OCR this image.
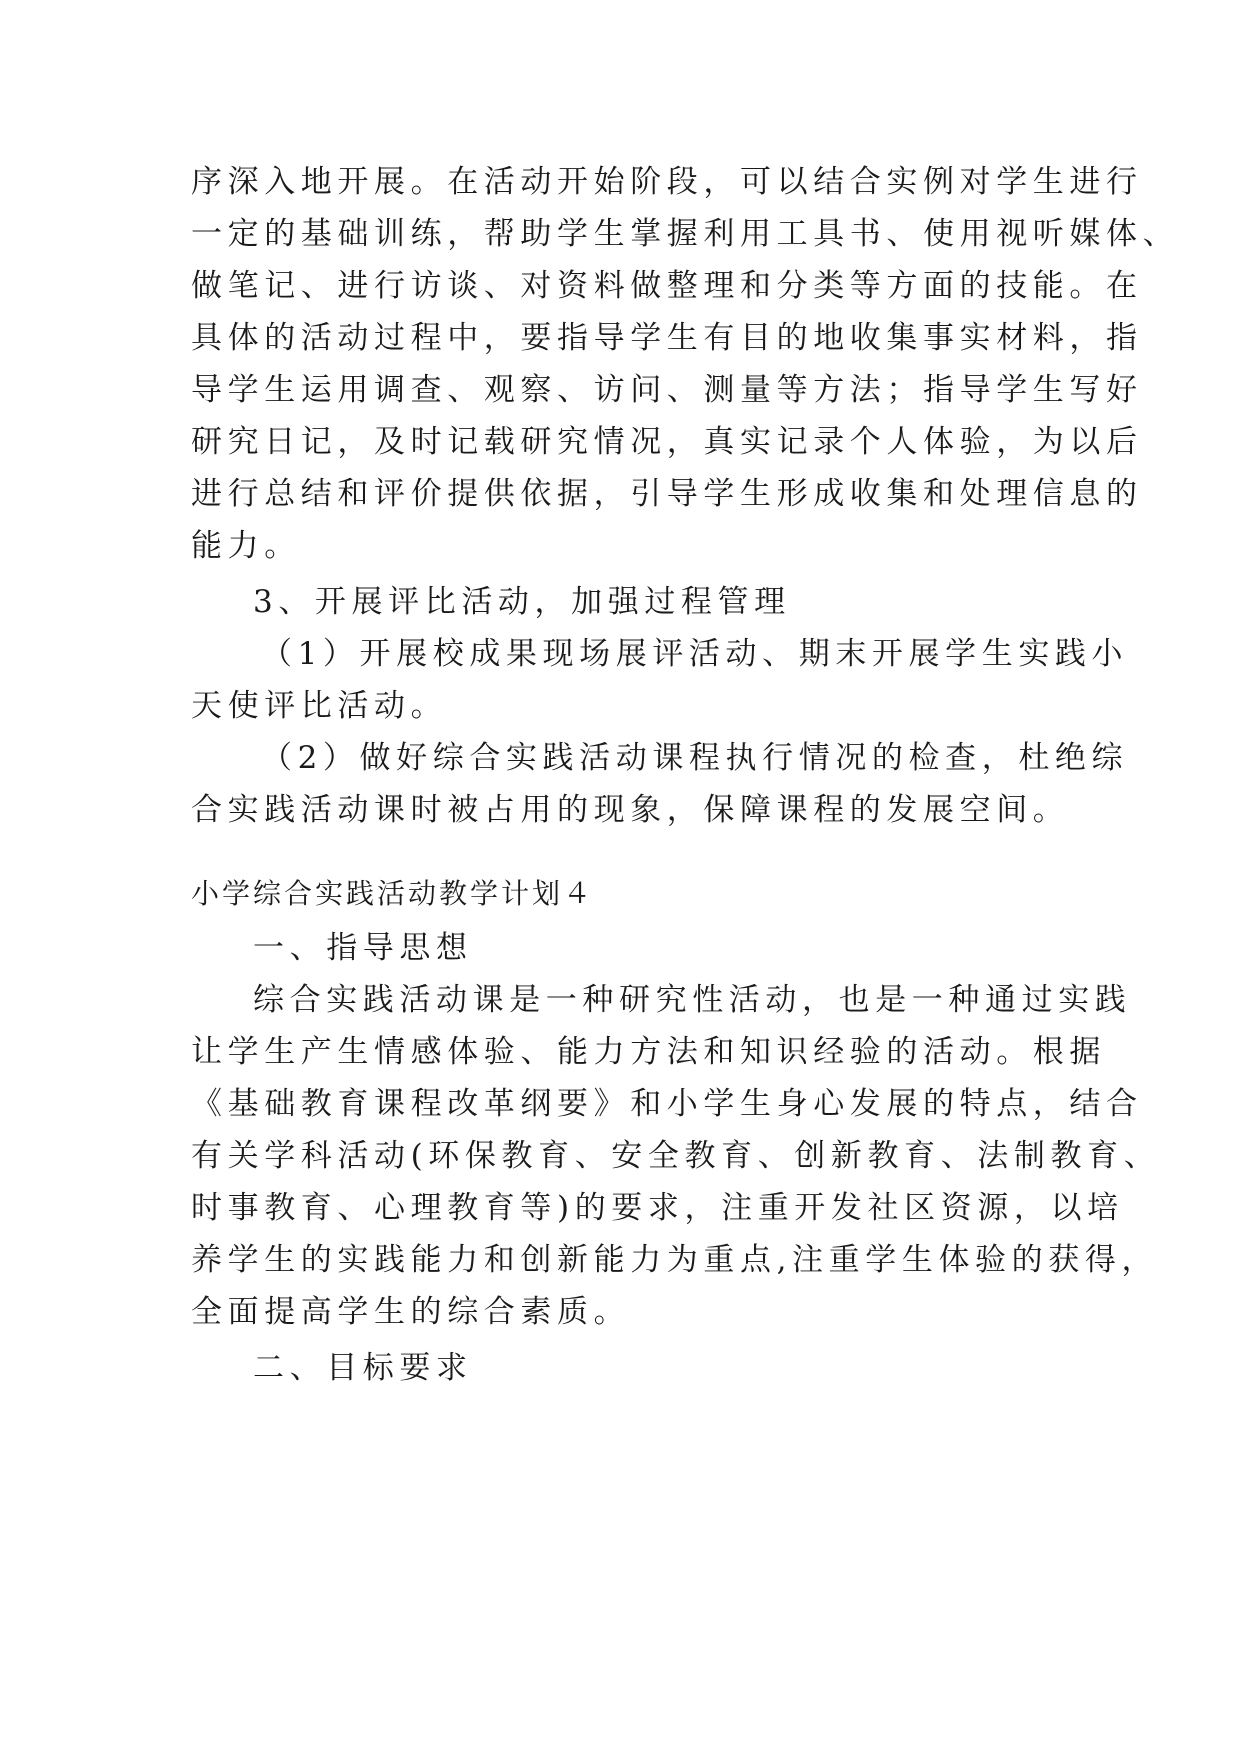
序深入地开展。在活动开始阶段，可以结合实例对学生进行
一定的基础训练，帮助学生掌握利用工具书、使用视听媒体、
做笔记、进行访谈、对资料做整理和分类等方面的技能。在
具体的活动过程中，要指导学生有目的地收集事实材料，指
导学生运用调查、观察、访问、测量等方法；指导学生写好
研究日记，及时记载研究情况，真实记录个人体验，为以后
进行总结和评价提供依据，引导学生形成收集和处理信息的
能力。
3、开展评比活动，加强过程管理
（1）开展校成果现场展评活动、期末开展学生实践小
天使评比活动。
（2）做好综合实践活动课程执行情况的检查，杜绝综
合实践活动课时被占用的现象，保障课程的发展空间。
小学综合实践活动教学计划４
一、指导思想
综合实践活动课是一种研究性活动，也是一种通过实践
让学生产生情感体验、能力方法和知识经验的活动。根据
《基础教育课程改革纲要》和小学生身心发展的特点，结合
有关学科活动(环保教育、安全教育、创新教育、法制教育、
时事教育、心理教育等)的要求，注重开发社区资源，以培
养学生的实践能力和创新能力为重点,注重学生体验的获得，
全面提高学生的综合素质。
二、目标要求
